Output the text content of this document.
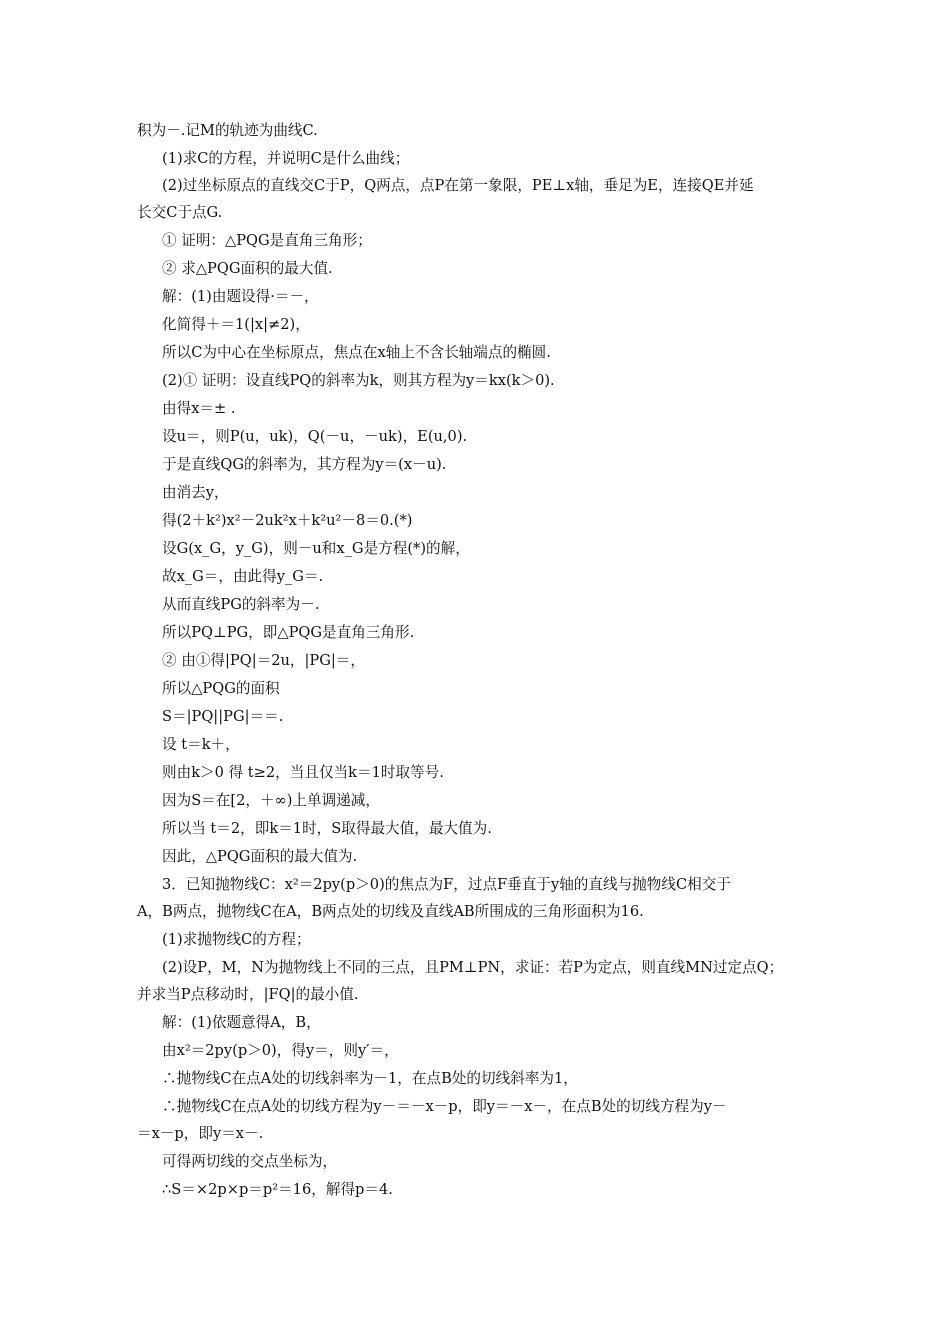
积为－.记M的轨迹为曲线C.
(1)求C的方程，并说明C是什么曲线；
(2)过坐标原点的直线交C于P，Q两点，点P在第一象限，PE⊥x轴，垂足为E，连接QE并延
长交C于点G.
① 证明：△PQG是直角三角形；
② 求△PQG面积的最大值.
解：(1)由题设得·＝－，
化简得＋＝1(|x|≠2)，
所以C为中心在坐标原点，焦点在x轴上不含长轴端点的椭圆.
(2)① 证明：设直线PQ的斜率为k，则其方程为y＝kx(k＞0).
由得x＝± .
设u＝，则P(u，uk)，Q(－u，－uk)，E(u,0).
于是直线QG的斜率为，其方程为y＝(x－u).
由消去y，
得(2＋k²)x²－2uk²x＋k²u²－8＝0.(*)
设G(x_G，y_G)，则－u和x_G是方程(*)的解，
故x_G＝，由此得y_G＝.
从而直线PG的斜率为－.
所以PQ⊥PG，即△PQG是直角三角形.
② 由①得|PQ|＝2u，|PG|＝，
所以△PQG的面积
S＝|PQ||PG|＝＝.
设 t＝k＋，
则由k＞0 得 t≥2，当且仅当k＝1时取等号.
因为S＝在[2，＋∞)上单调递减，
所以当 t＝2，即k＝1时，S取得最大值，最大值为.
因此，△PQG面积的最大值为.
3．已知抛物线C：x²＝2py(p＞0)的焦点为F，过点F垂直于y轴的直线与抛物线C相交于
A，B两点，抛物线C在A，B两点处的切线及直线AB所围成的三角形面积为16.
(1)求抛物线C的方程；
(2)设P，M，N为抛物线上不同的三点，且PM⊥PN，求证：若P为定点，则直线MN过定点Q；
并求当P点移动时，|FQ|的最小值.
解：(1)依题意得A，B，
由x²＝2py(p＞0)，得y＝，则y′＝，
∴抛物线C在点A处的切线斜率为－1，在点B处的切线斜率为1，
∴抛物线C在点A处的切线方程为y－＝－x－p，即y＝－x－，在点B处的切线方程为y－
＝x－p，即y＝x－.
可得两切线的交点坐标为，
∴S＝×2p×p＝p²＝16，解得p＝4.
